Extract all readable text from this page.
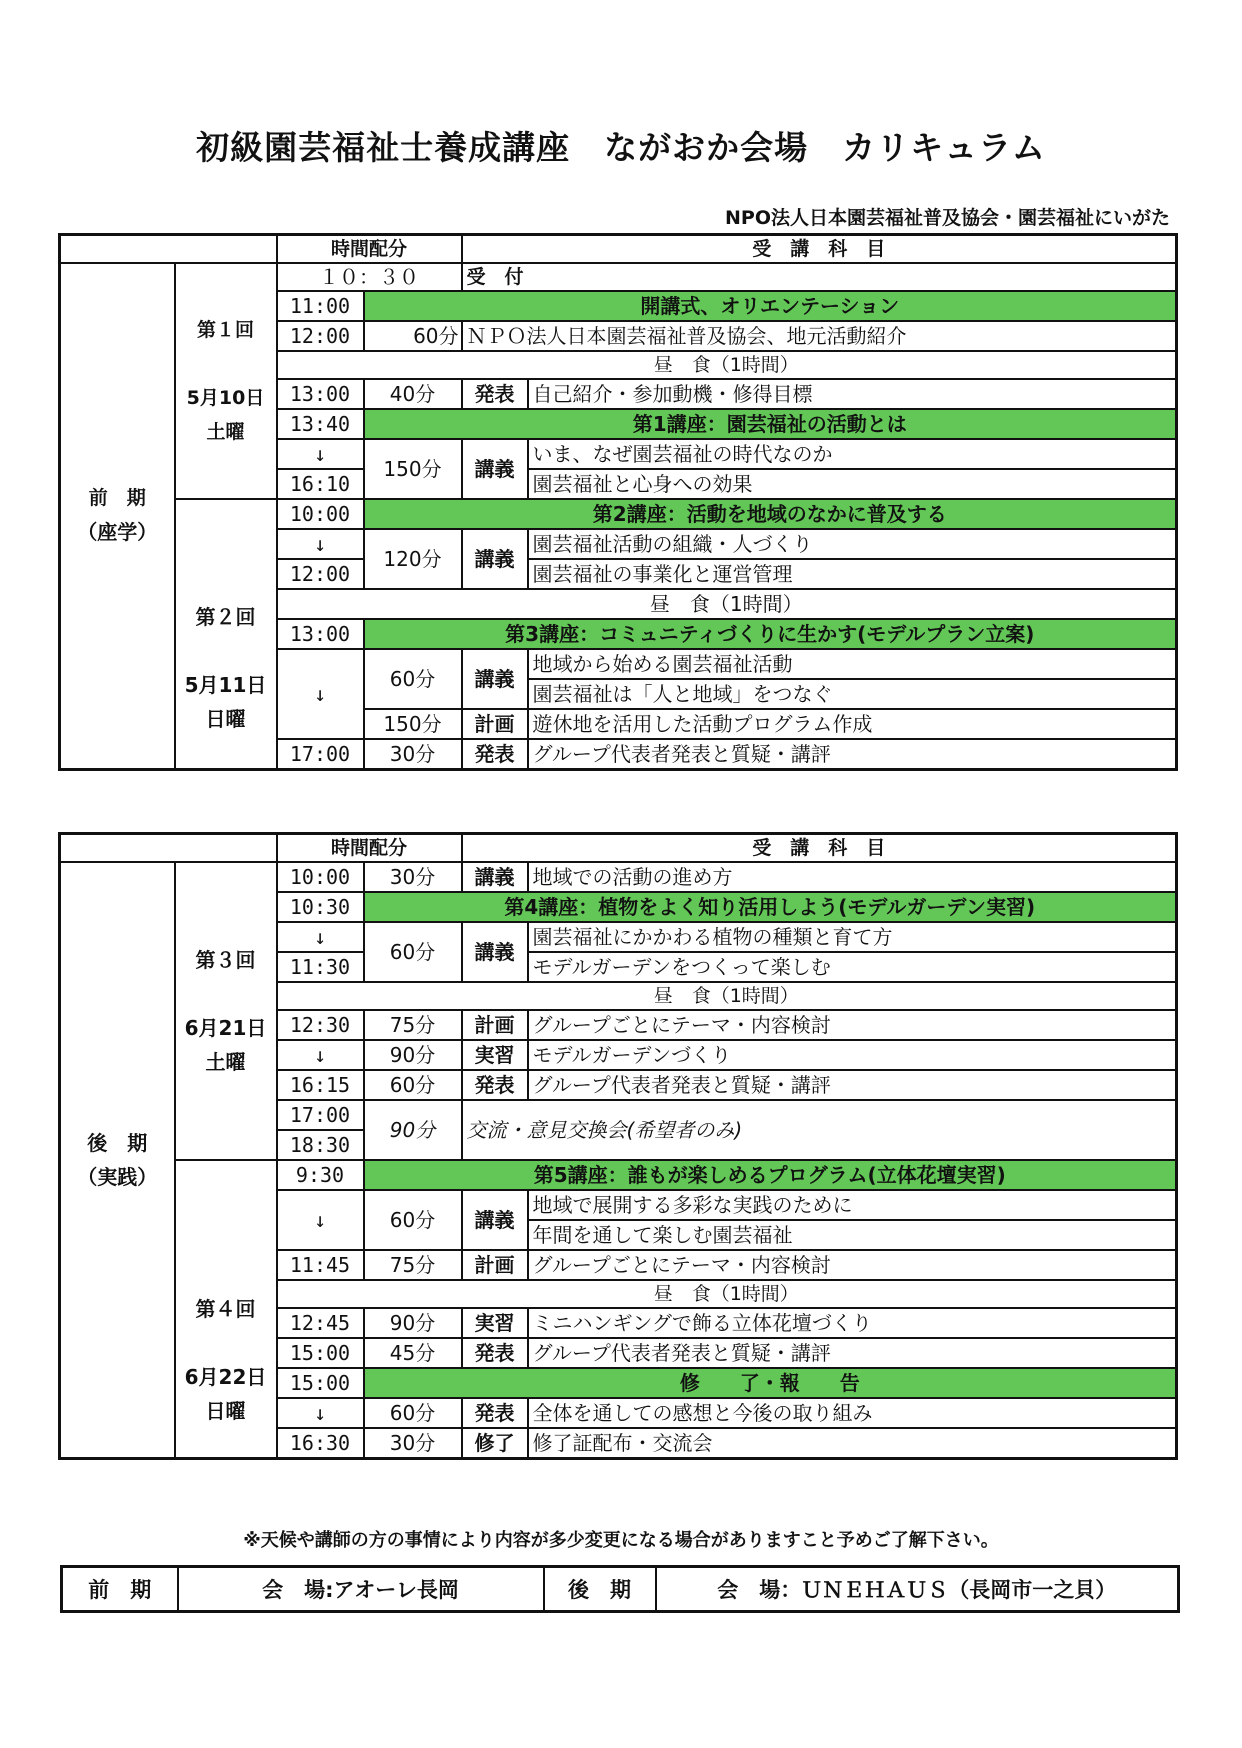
初級園芸福祉士養成講座　ながおか会場　カリキュラム
NPO法人日本園芸福祉普及協会・園芸福祉にいがた
		時間配分		受　講　科　目	
前　期
（座学）	第１回

5月10日
土曜	１０：３０		受　付	
		11:00	開講式、オリエンテーション		
		12:00	60分	ＮＰＯ法人日本園芸福祉普及協会、地元活動紹介	
		昼　食（1時間）			
		13:00	40分	発表	自己紹介・参加動機・修得目標
		13:40	第1講座：園芸福祉の活動とは		
		↓	150分	講義	いま、なぜ園芸福祉の時代なのか
		16:10			園芸福祉と心身への効果

第２回

5月11日
日曜	10:00	第2講座：活動を地域のなかに普及する		
		↓	120分	講義	園芸福祉活動の組織・人づくり
		12:00			園芸福祉の事業化と運営管理
		昼　食（1時間）			
		13:00	第3講座：コミュニティづくりに生かす(モデルプラン立案)		
		↓	60分	講義	地域から始める園芸福祉活動
					園芸福祉は「人と地域」をつなぐ
			150分	計画	遊休地を活用した活動プログラム作成
		17:00	30分	発表	グループ代表者発表と質疑・講評
		時間配分		受　講　科　目	
後　期
（実践）	第３回

6月21日
土曜	10:00	30分	講義	地域での活動の進め方
		10:30	第4講座：植物をよく知り活用しよう(モデルガーデン実習)		
		↓	60分	講義	園芸福祉にかかわる植物の種類と育て方
		11:30			モデルガーデンをつくって楽しむ
		昼　食（1時間）			
		12:30	75分	計画	グループごとにテーマ・内容検討
		↓	90分	実習	モデルガーデンづくり
		16:15	60分	発表	グループ代表者発表と質疑・講評
		17:00	90分	交流・意見交換会(希望者のみ)	
		18:30			

第４回

6月22日
日曜	9:30	第5講座：誰もが楽しめるプログラム(立体花壇実習)		
		↓	60分	講義	地域で展開する多彩な実践のために
					年間を通して楽しむ園芸福祉
		11:45	75分	計画	グループごとにテーマ・内容検討
		昼　食（1時間）			
		12:45	90分	実習	ミニハンギングで飾る立体花壇づくり
		15:00	45分	発表	グループ代表者発表と質疑・講評
		15:00	修　　了・報　　告		
		↓	60分	発表	全体を通しての感想と今後の取り組み
		16:30	30分	修了	修了証配布・交流会
※天候や講師の方の事情により内容が多少変更になる場合がありますこと予めご了解下さい。
前　期	会　場:アオーレ長岡	後　期	会　場：ＵＮＥＨＡＵＳ（長岡市一之貝）
